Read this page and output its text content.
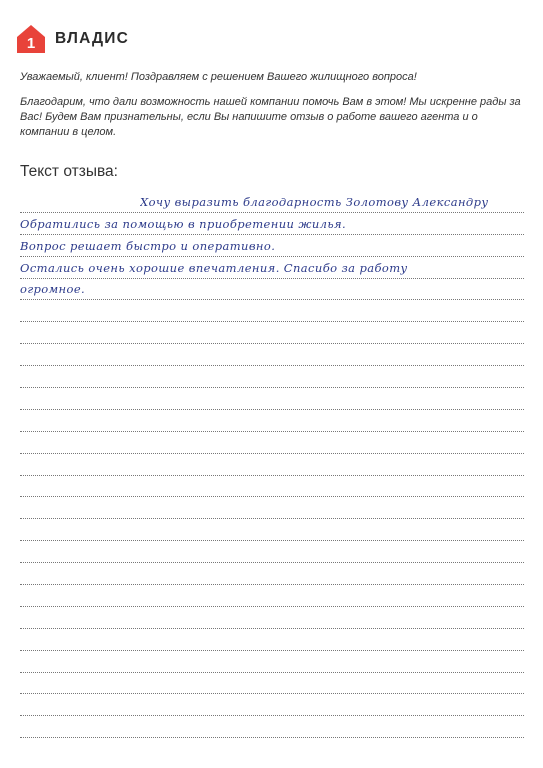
1 ВЛАДИС

Уважаемый, клиент! Поздравляем с решением Вашего жилищного вопроса!

Благодарим, что дали возможность нашей компании помочь Вам в этом! Мы искренне рады за Вас! Будем Вам признательны, если Вы напишите отзыв о работе вашего агента и о компании в целом.

Текст отзыва:
Хочу выразить благодарность Золотову Александру
Обратились за помощью в приобретении жилья.
Вопрос решает быстро и оперативно.
Остались очень хорошие впечатления. Спасибо за работу
огромное.
